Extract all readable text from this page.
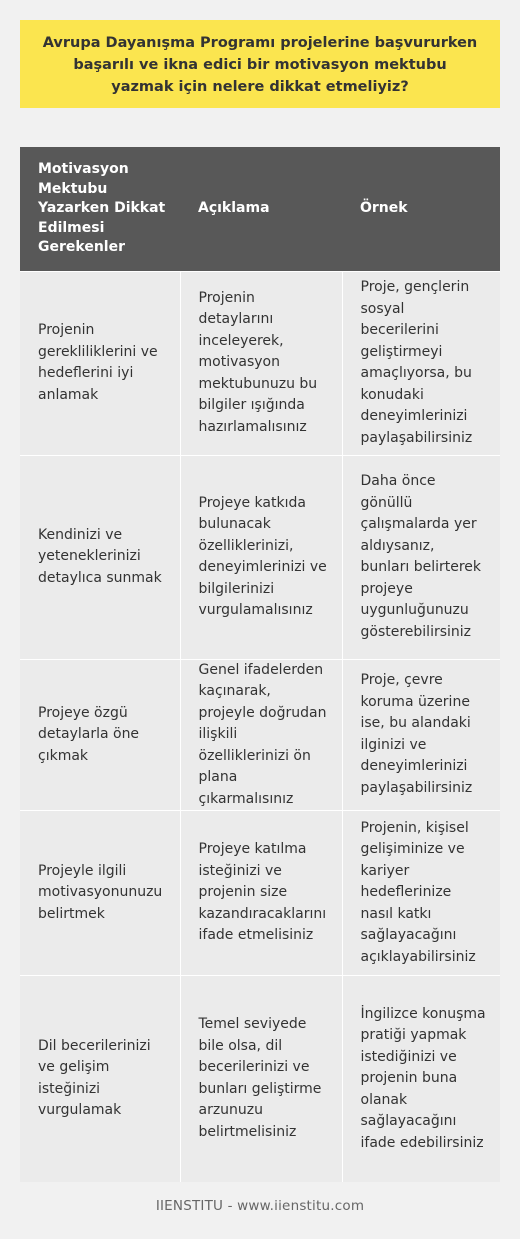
Avrupa Dayanışma Programı projelerine başvururken başarılı ve ikna edici bir motivasyon mektubu yazmak için nelere dikkat etmeliyiz?
Motivasyon Mektubu Yazarken Dikkat Edilmesi Gerekenler	Açıklama	Örnek
Projenin gerekliliklerini ve hedeflerini iyi anlamak	Projenin detaylarını inceleyerek, motivasyon mektubunuzu bu bilgiler ışığında hazırlamalısınız	Proje, gençlerin sosyal becerilerini geliştirmeyi amaçlıyorsa, bu konudaki deneyimlerinizi paylaşabilirsiniz
Kendinizi ve yeteneklerinizi detaylıca sunmak	Projeye katkıda bulunacak özelliklerinizi, deneyimlerinizi ve bilgilerinizi vurgulamalısınız	Daha önce gönüllü çalışmalarda yer aldıysanız, bunları belirterek projeye uygunluğunuzu gösterebilirsiniz
Projeye özgü detaylarla öne çıkmak	Genel ifadelerden kaçınarak, projeyle doğrudan ilişkili özelliklerinizi ön plana çıkarmalısınız	Proje, çevre koruma üzerine ise, bu alandaki ilginizi ve deneyimlerinizi paylaşabilirsiniz
Projeyle ilgili motivasyonunuzu belirtmek	Projeye katılma isteğinizi ve projenin size kazandıracaklarını ifade etmelisiniz	Projenin, kişisel gelişiminize ve kariyer hedeflerinize nasıl katkı sağlayacağını açıklayabilirsiniz
Dil becerilerinizi ve gelişim isteğinizi vurgulamak	Temel seviyede bile olsa, dil becerilerinizi ve bunları geliştirme arzunuzu belirtmelisiniz	İngilizce konuşma pratiği yapmak istediğinizi ve projenin buna olanak sağlayacağını ifade edebilirsiniz
IIENSTITU - www.iienstitu.com
